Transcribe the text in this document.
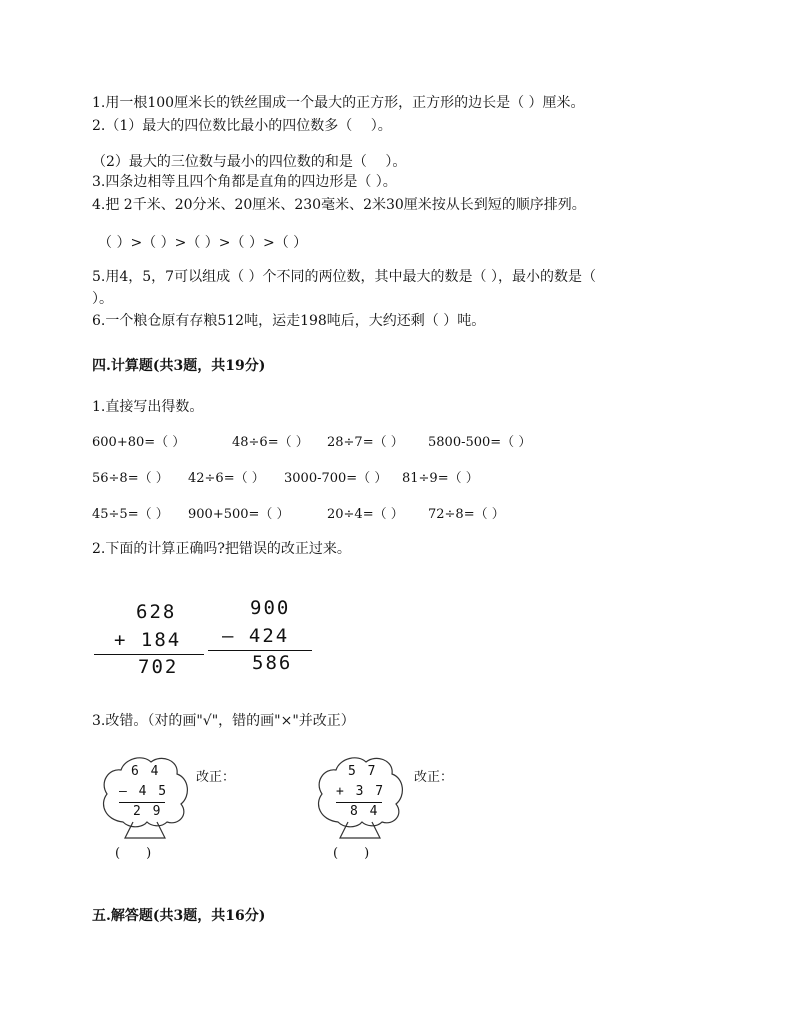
1.用一根100厘米长的铁丝围成一个最大的正方形，正方形的边长是（ ）厘米。
2.（1）最大的四位数比最小的四位数多（　 ）。
（2）最大的三位数与最小的四位数的和是（　 ）。
3.四条边相等且四个角都是直角的四边形是（ ）。
4.把 2千米、20分米、20厘米、230毫米、2米30厘米按从长到短的顺序排列。
（ ）>（ ）>（ ）>（ ）>（ ）
5.用4，5，7可以组成（ ）个不同的两位数，其中最大的数是（ ），最小的数是（
）。
6.一个粮仓原有存粮512吨，运走198吨后，大约还剩（ ）吨。
四.计算题(共3题，共19分)
1.直接写出得数。
600+80=（ ）	48÷6=（ ） 28÷7=（ ） 5800-500=（ ）
56÷8=（ ） 42÷6=（ ） 3000-700=（ ） 81÷9=（ ）
45÷5=（ ） 900+500=（ ）	20÷4=（ ） 72÷8=（ ）
2.下面的计算正确吗?把错误的改正过来。
628
+ 184
702
900
– 424
586
3.改错。（对的画"√"，错的画"×"并改正）
6 4
– 4 5
2 9
改正：
(　　)
5 7
+ 3 7
8 4
改正：
(　　)
五.解答题(共3题，共16分)
